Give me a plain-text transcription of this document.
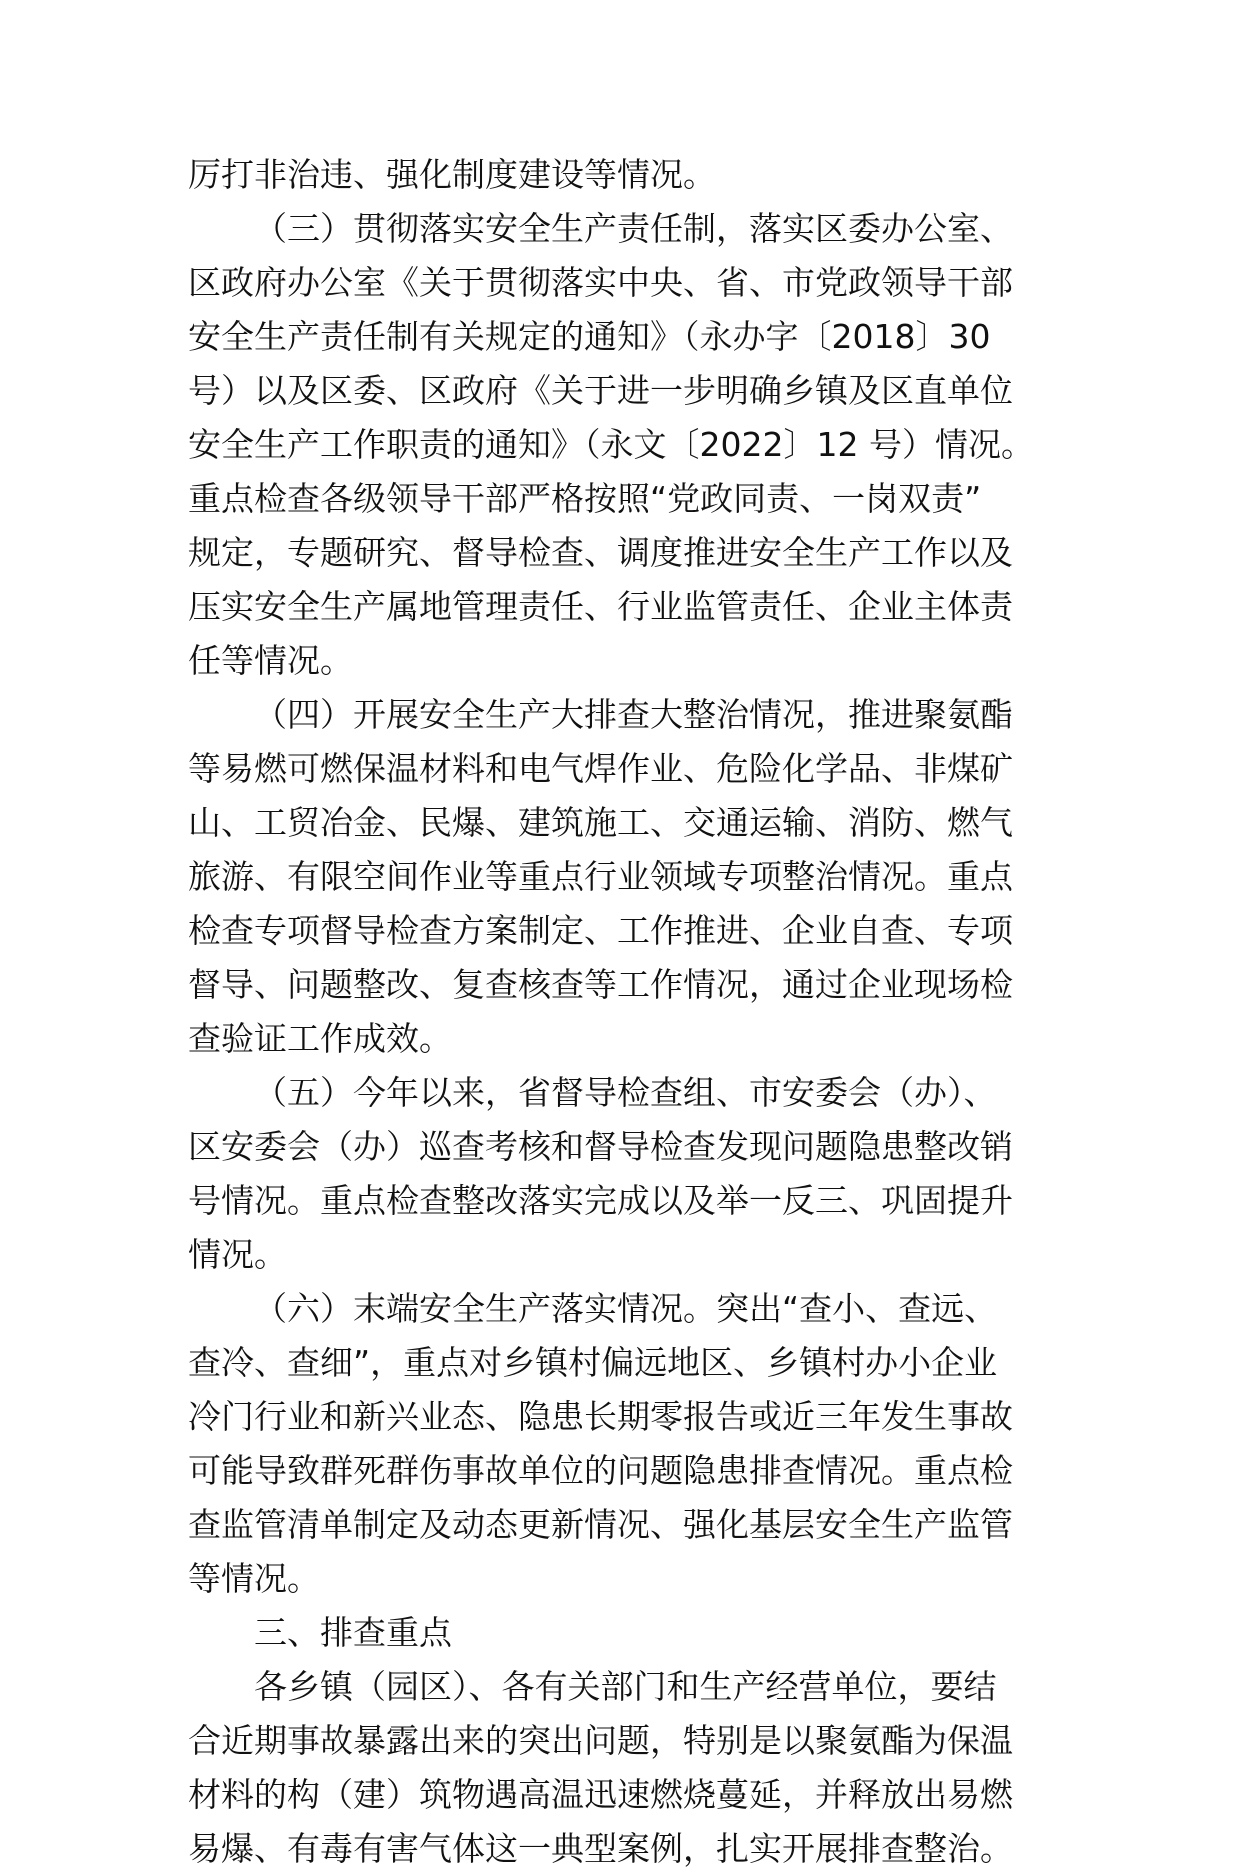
厉打非治违、强化制度建设等情况。
（三）贯彻落实安全生产责任制，落实区委办公室、
区政府办公室《关于贯彻落实中央、省、市党政领导干部
安全生产责任制有关规定的通知》（永办字〔2018〕30
号）以及区委、区政府《关于进一步明确乡镇及区直单位
安全生产工作职责的通知》（永文〔2022〕12 号）情况。
重点检查各级领导干部严格按照“党政同责、一岗双责”
规定，专题研究、督导检查、调度推进安全生产工作以及
压实安全生产属地管理责任、行业监管责任、企业主体责
任等情况。
（四）开展安全生产大排查大整治情况，推进聚氨酯
等易燃可燃保温材料和电气焊作业、危险化学品、非煤矿
山、工贸冶金、民爆、建筑施工、交通运输、消防、燃气
旅游、有限空间作业等重点行业领域专项整治情况。重点
检查专项督导检查方案制定、工作推进、企业自查、专项
督导、问题整改、复查核查等工作情况，通过企业现场检
查验证工作成效。
（五）今年以来，省督导检查组、市安委会（办）、
区安委会（办）巡查考核和督导检查发现问题隐患整改销
号情况。重点检查整改落实完成以及举一反三、巩固提升
情况。
（六）末端安全生产落实情况。突出“查小、查远、
查冷、查细”，重点对乡镇村偏远地区、乡镇村办小企业
冷门行业和新兴业态、隐患长期零报告或近三年发生事故
可能导致群死群伤事故单位的问题隐患排查情况。重点检
查监管清单制定及动态更新情况、强化基层安全生产监管
等情况。
三、排查重点
各乡镇（园区）、各有关部门和生产经营单位，要结
合近期事故暴露出来的突出问题，特别是以聚氨酯为保温
材料的构（建）筑物遇高温迅速燃烧蔓延，并释放出易燃
易爆、有毒有害气体这一典型案例，扎实开展排查整治。
